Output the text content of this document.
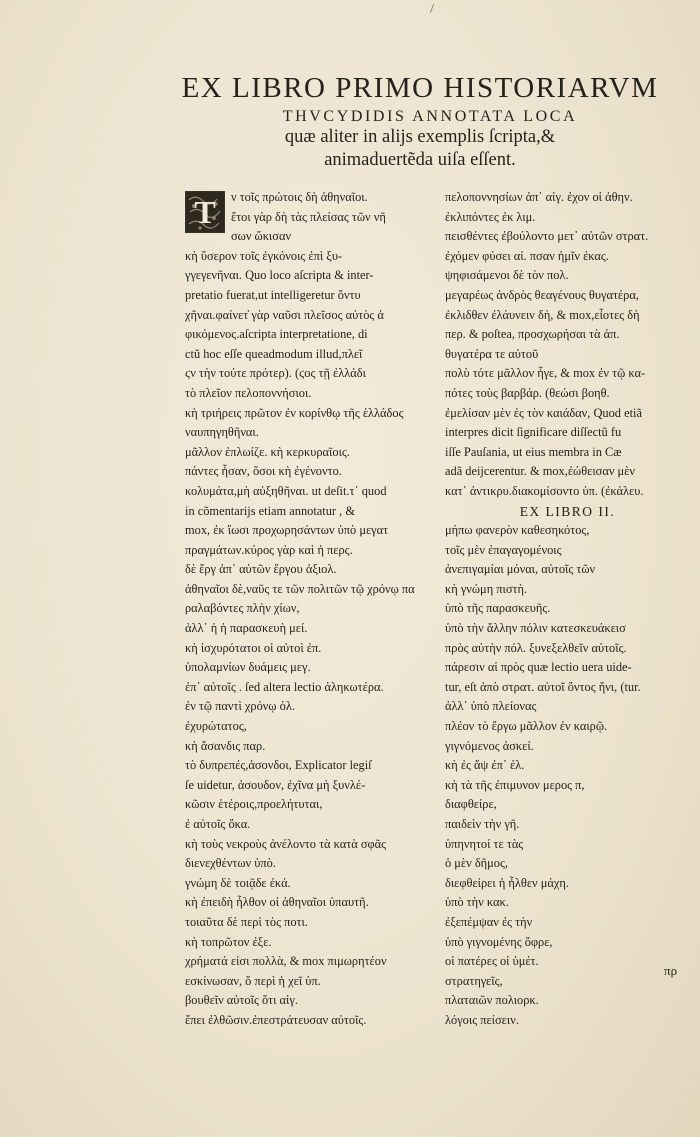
/
EX LIBRO PRIMO HISTORIARVM
THVCYDIDIS ANNOTATA LOCA
quæ aliter in alijs exemplis ſcripta,&
animaduertẽda uiſa eſſent.
T	ν τοῖς πρώτοις δὴ ἀθηναῖοι.
ἔτοι γὰρ δὴ τὰς πλείσας τῶν νῆ
σων ὤκισαν
κὴ ὕσερον τοῖς ἐγκόνοις ἐπὶ ξυ-
γγεγενῆναι. Quo loco aſcripta & inter-
pretatio fuerat,ut intelligeretur ὄντυ
χῆναι.φαίνετ̓ γὰρ ναῦσι πλεῖσος αὐτὸς ἀ
φικόμενος.aſcripta interpretatione, di
ctũ hoc eſſe queadmodum illud,πλεῖ
ϛν τὴν τούτε πρότερ). (ϛος τῇ ἐλλάδι
τὸ πλεῖον πελοποννήσιοι.
κὴ τριήρεις πρῶτον ἐν κορίνθῳ τῆς ἑλλάδος
ναυπηγηθῆναι.
μᾶλλον ἐπλωίζε. κὴ κερκυραῖοις.
πάντες ἦσαν, ὅσοι κὴ ἐγένοντο.
κολυμάτα,μὴ αὐξηθῆναι. ut deſit.τ᾿ quod
in cõmentarijs etiam annotatur , &
mox, ἐκ ἴωσι προχωρησάντων ὑπὸ μεγατ
πραγμάτων.κύρος γὰρ καὶ ἡ περς.
δὲ ἔργ ἀπ᾿ αὐτῶν ἔργου ἀξιολ.
ἀθηναῖοι δὲ,ναῦς τε τῶν πολιτῶν τῷ χρόνῳ πα
ραλαβόντες πλὴν χίων,
ἀλλ᾿ ἡ ἡ παρασκευὴ μεί.
κὴ ἰσχυρότατοι οἱ αὐτοὶ ἐπ.
ὑπολαμνίων δυάμεις μεγ.
ἐπ᾿ αὐτοῖς . ſed altera lectio ἀληκωτέρα.
ἐν τῷ παντὶ χρόνῳ ὀλ.
ἐχυρώτατος,
κὴ ἄσανδις παρ.
τὸ δυπρεπές,ἀσονδοι, Explicator legiſ
ſe uidetur, ἀσουδον, ἐχῖνα μὴ ξυνλέ-
κῶσιν ἑτέροις,προελήτυται,
ἐ αὐτοῖς ὅκα.
κὴ τοὺς νεκροὺς ἀνέλοντο τὰ κατὰ σφᾶς
διενεχθέντων ὑπὸ.
γνώμη δὲ τοιᾷδε ἐκά.
κὴ ἐπειδὴ ἦλθον οἱ ἀθηναῖοι ὑπαυτῆ.
τοιαῦτα δὲ περὶ τὸς ποτι.
κὴ τοπρῶτον ἐξε.
χρήματά εἰσι πολλὰ, & mox πιμωρητέον
εσκίνωσαν, ὅ περὶ ἡ χεῖ ὑπ.
βουθεῖν αὐτοῖς ὅτι αἰγ.
ἔπει ἐλθῶσιν.ἐπεστράτευσαν αὐτοῖς.
πελοποννησίων ἀπ᾿ αἰγ. ἐχον οἱ ἀθην.
ἐκλιπόντες ἐκ λιμ.
πεισθέντες ἐβούλοντο μετ᾿ αὐτῶν στρατ.
ἐχόμεν φύσει αἰ. πσαν ἡμῖν ἐκας.
ψηφισάμενοι δὲ τὸν πολ.
μεγαρέως ἀνδρὸς θεαγένους θυγατέρα,
ἐκλιδθεν ἐλάυνειν δὴ, & mox,εἶοτες δὴ
περ. & poſtea, προσχωρήσαι τὰ ἀπ.
θυγατέρα τε αὐτοῦ
πολὺ τότε μᾶλλον ἦγε, & mox ἐν τῷ κα-
πότες τοὺς βαρβάρ. (θεώσι βοηθ.
ἐμελίσαν μὲν ἐς τὸν καιάδαν, Quod etiã
interpres dicit ſignificare diſſectũ fu
iſſe Pauſania, ut eius membra in Cæ
adã deijcerentur. & mox,ἐώθεισαν μὲν
κατ᾿ ἀντικρυ.διακομίσοντο ὑπ. (ἐκάλευ.
EX LIBRO II.
μήπω φανερὸν καθεσηκότος,
τοῖς μὲν ἐπαγαγομένοις
ἀνεπιγαμίαι μόναι, αὐτοῖς τῶν
κὴ γνώμη πιστὴ.
ὑπὸ τῆς παρασκευῆς.
ὑπὸ τὴν ἄλλην πόλιν κατεσκευάκεισ
πρὸς αὐτὴν πόλ. ξυνεξελθεῖν αὐτοῖς.
πάρεσιν αἱ πρὸς quæ lectio uera uide-
tur, eſt ἀπὸ στρατ. αὐτοῖ ὄντος ἤνι, (tur.
ἀλλ᾿ ὑπὸ πλείονας
πλέον τὸ ἔργω μᾶλλον ἐν καιρῷ.
γιγνόμενος ἀσκεί.
κὴ ἐς ἄψ ἐπ᾿ ἐλ.
κὴ τὰ τῆς ἐπιμυνον μερος π,
διαφθείρε,
παιδεὶν τὴν γῆ.
ὑπηνητοί τε τὰς
ὁ μὲν δῆμος,
διεφθείρει ἡ ἦλθεν μάχη.
ὑπὸ τὴν κακ.
ἐξεπέμψαν ἐς τὴν
ὑπὸ γιγνομένης ὄφρε,
οἱ πατέρες οἱ ὑμέτ.
στρατηγεῖς,
πλαταιῶν πολιορκ.
λόγοις πείσειν.
πρ
